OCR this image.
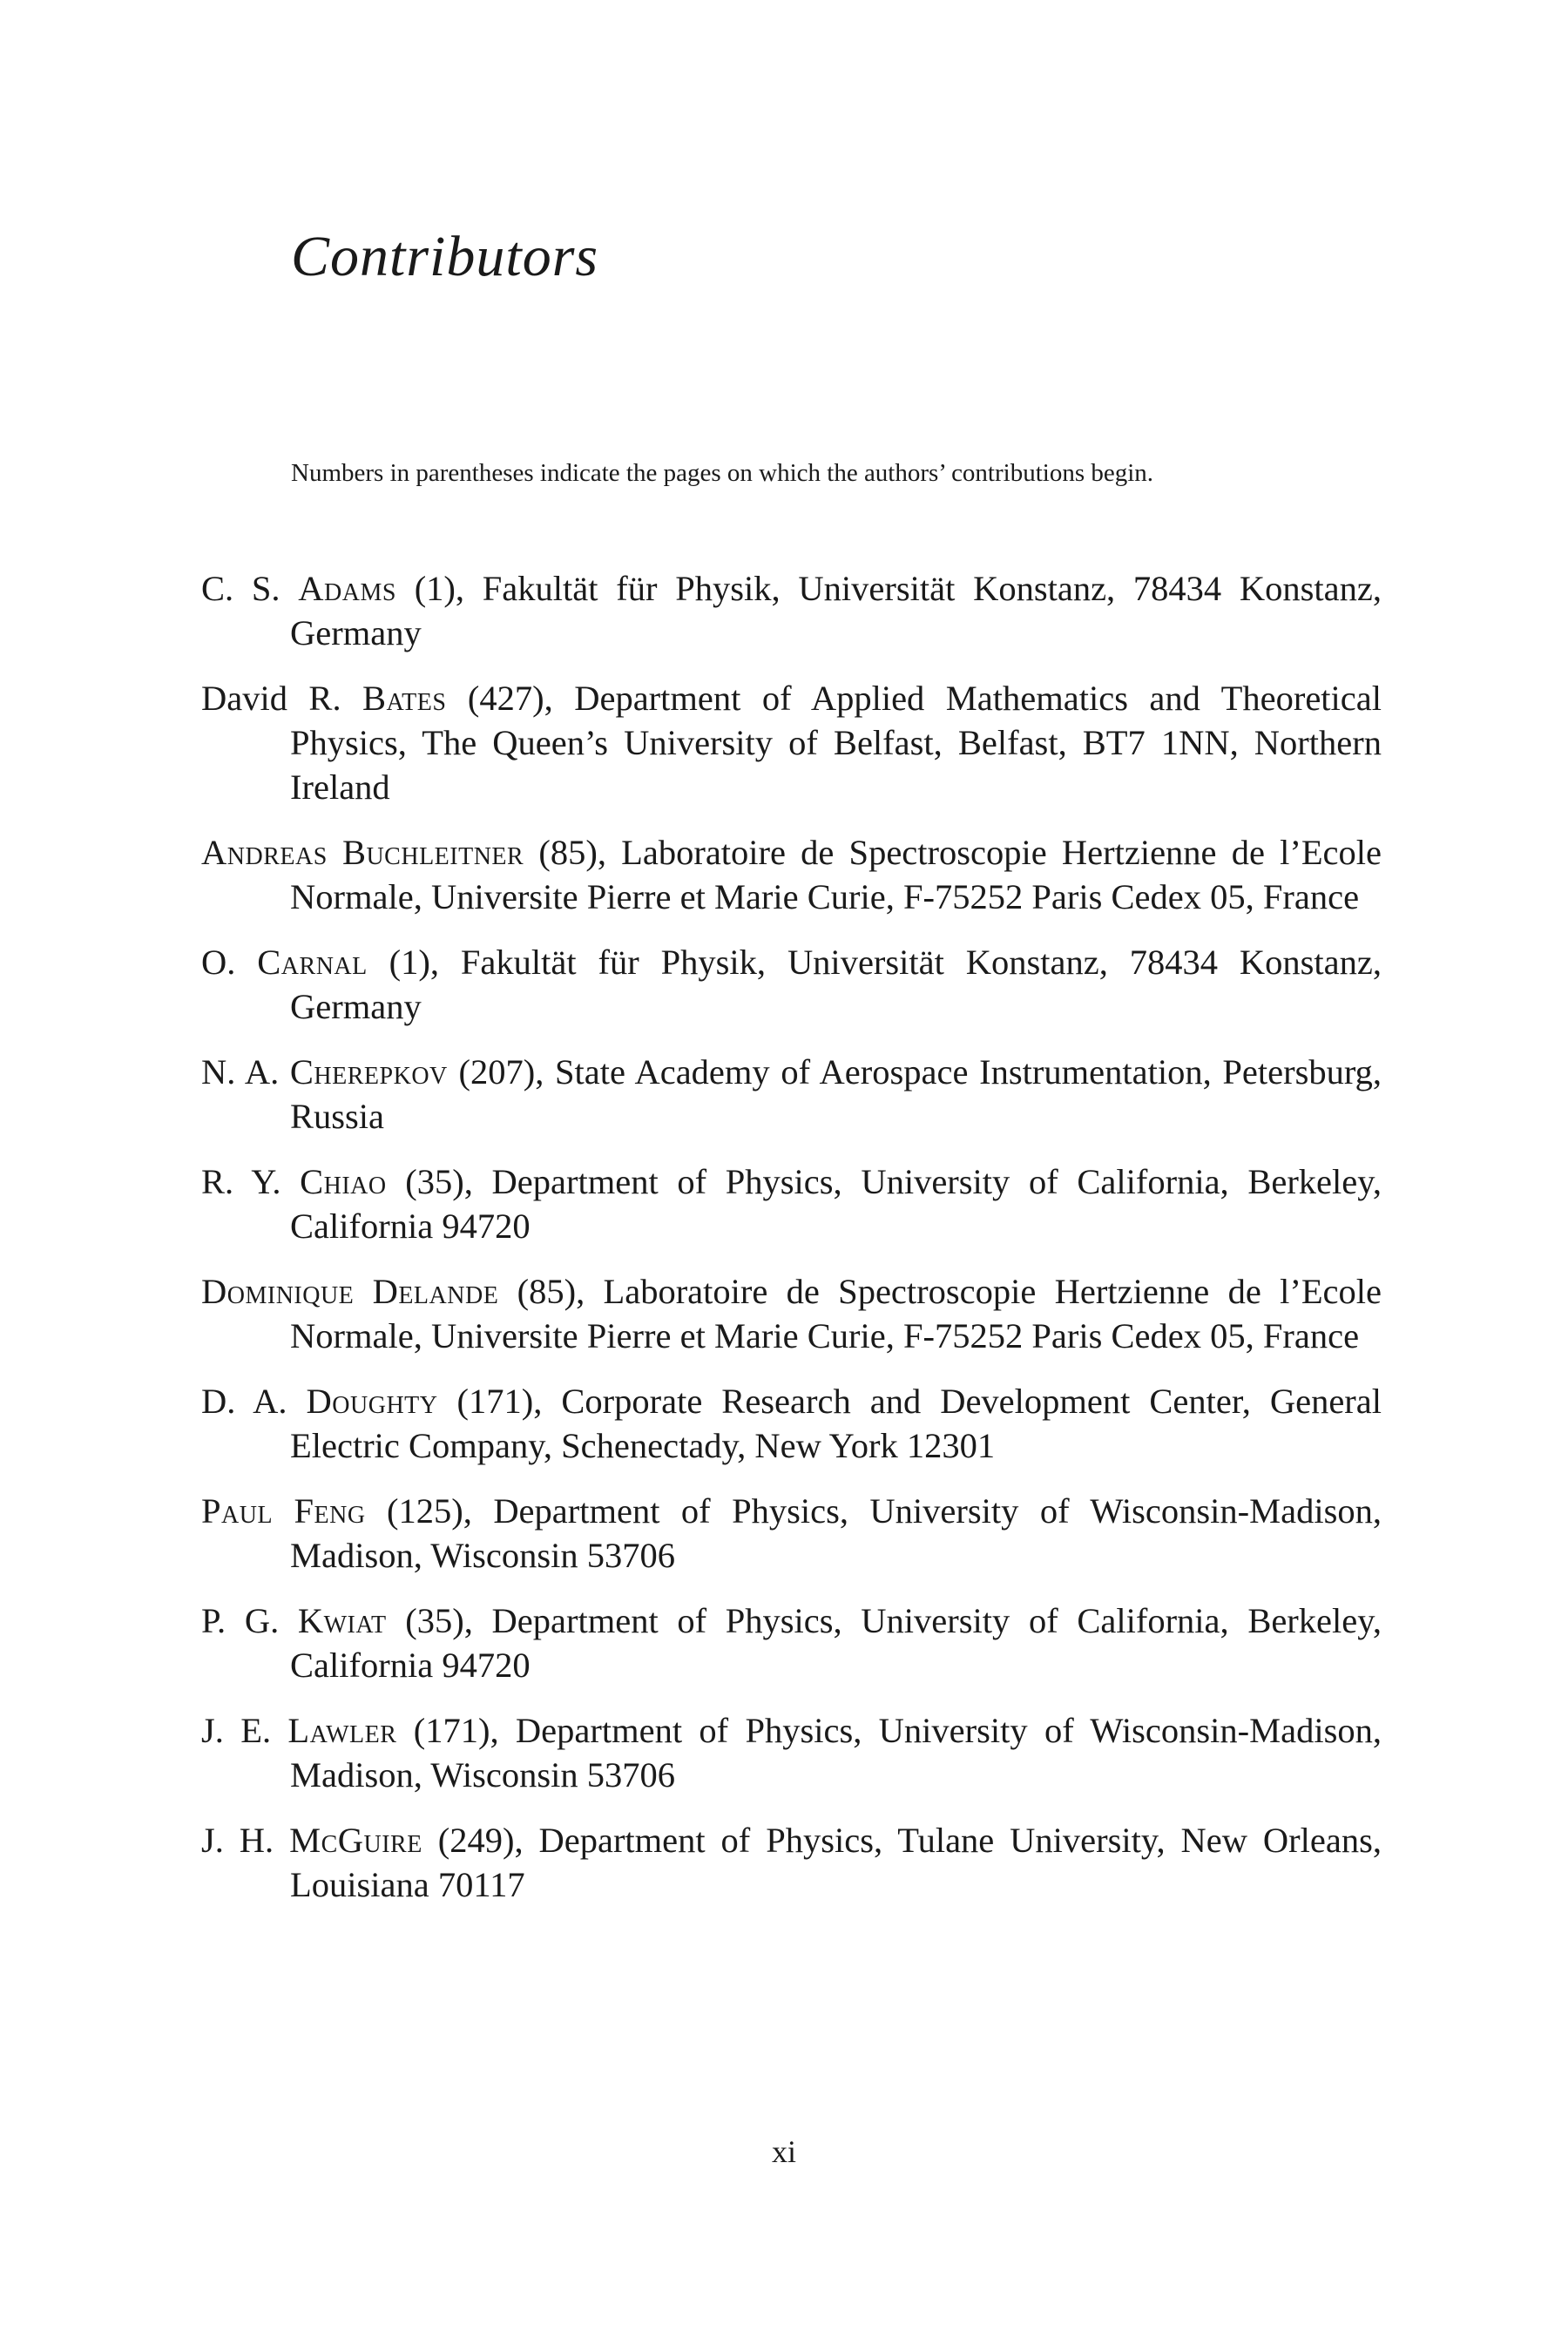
Contributors

Numbers in parentheses indicate the pages on which the authors’ contributions begin.

C. S. Adams (1), Fakultät für Physik, Universität Konstanz, 78434 Konstanz, Germany
David R. Bates (427), Department of Applied Mathematics and Theoretical Physics, The Queen’s University of Belfast, Belfast, BT7 1NN, Northern Ireland
Andreas Buchleitner (85), Laboratoire de Spectroscopie Hertzienne de l’Ecole Normale, Universite Pierre et Marie Curie, F-75252 Paris Cedex 05, France
O. Carnal (1), Fakultät für Physik, Universität Konstanz, 78434 Konstanz, Germany
N. A. Cherepkov (207), State Academy of Aerospace Instrumentation, Petersburg, Russia
R. Y. Chiao (35), Department of Physics, University of California, Berkeley, California 94720
Dominique Delande (85), Laboratoire de Spectroscopie Hertzienne de l’Ecole Normale, Universite Pierre et Marie Curie, F-75252 Paris Cedex 05, France
D. A. Doughty (171), Corporate Research and Development Center, General Electric Company, Schenectady, New York 12301
Paul Feng (125), Department of Physics, University of Wisconsin-Madison, Madison, Wisconsin 53706
P. G. Kwiat (35), Department of Physics, University of California, Berkeley, California 94720
J. E. Lawler (171), Department of Physics, University of Wisconsin-Madison, Madison, Wisconsin 53706
J. H. McGuire (249), Department of Physics, Tulane University, New Orleans, Louisiana 70117

xi
